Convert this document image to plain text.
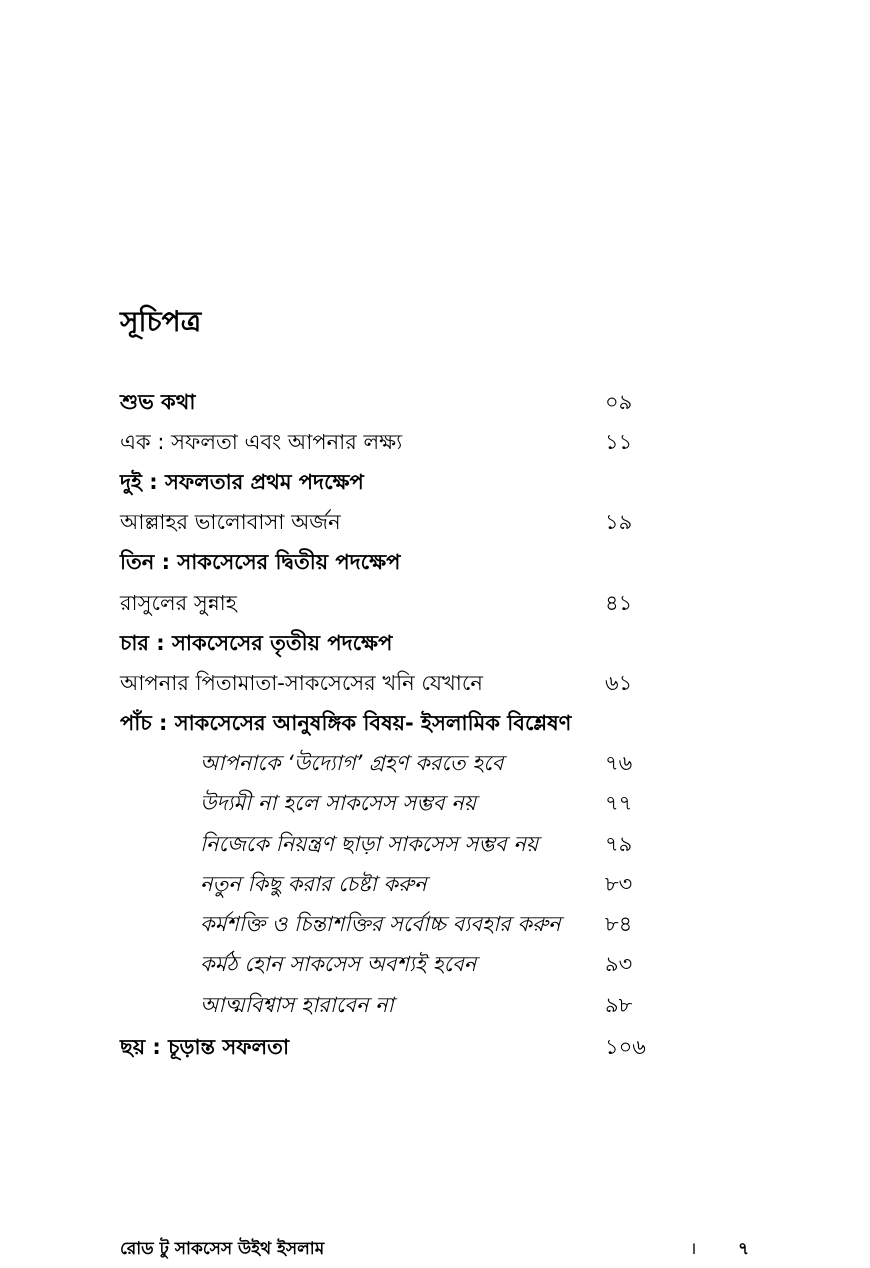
সূচিপত্র
শুভ কথা	০৯
এক : সফলতা এবং আপনার লক্ষ্য	১১
দুই : সফলতার প্রথম পদক্ষেপ
আল্লাহর ভালোবাসা অর্জন	১৯
তিন : সাকসেসের দ্বিতীয় পদক্ষেপ
রাসুলের সুন্নাহ	৪১
চার : সাকসেসের তৃতীয় পদক্ষেপ
আপনার পিতামাতা-সাকসেসের খনি যেখানে	৬১
পাঁচ : সাকসেসের আনুষঙ্গিক বিষয়- ইসলামিক বিশ্লেষণ
আপনাকে ‘উদ্যোগ’ গ্রহণ করতে হবে	৭৬
উদ্যমী না হলে সাকসেস সম্ভব নয়	৭৭
নিজেকে নিয়ন্ত্রণ ছাড়া সাকসেস সম্ভব নয়	৭৯
নতুন কিছু করার চেষ্টা করুন	৮৩
কর্মশক্তি ও চিন্তাশক্তির সর্বোচ্চ ব্যবহার করুন ৮৪
কর্মঠ হোন সাকসেস অবশ্যই হবেন	৯৩
আত্মবিশ্বাস হারাবেন না	৯৮
ছয় : চূড়ান্ত সফলতা	১০৬
রোড টু সাকসেস উইথ ইসলাম	। ৭
